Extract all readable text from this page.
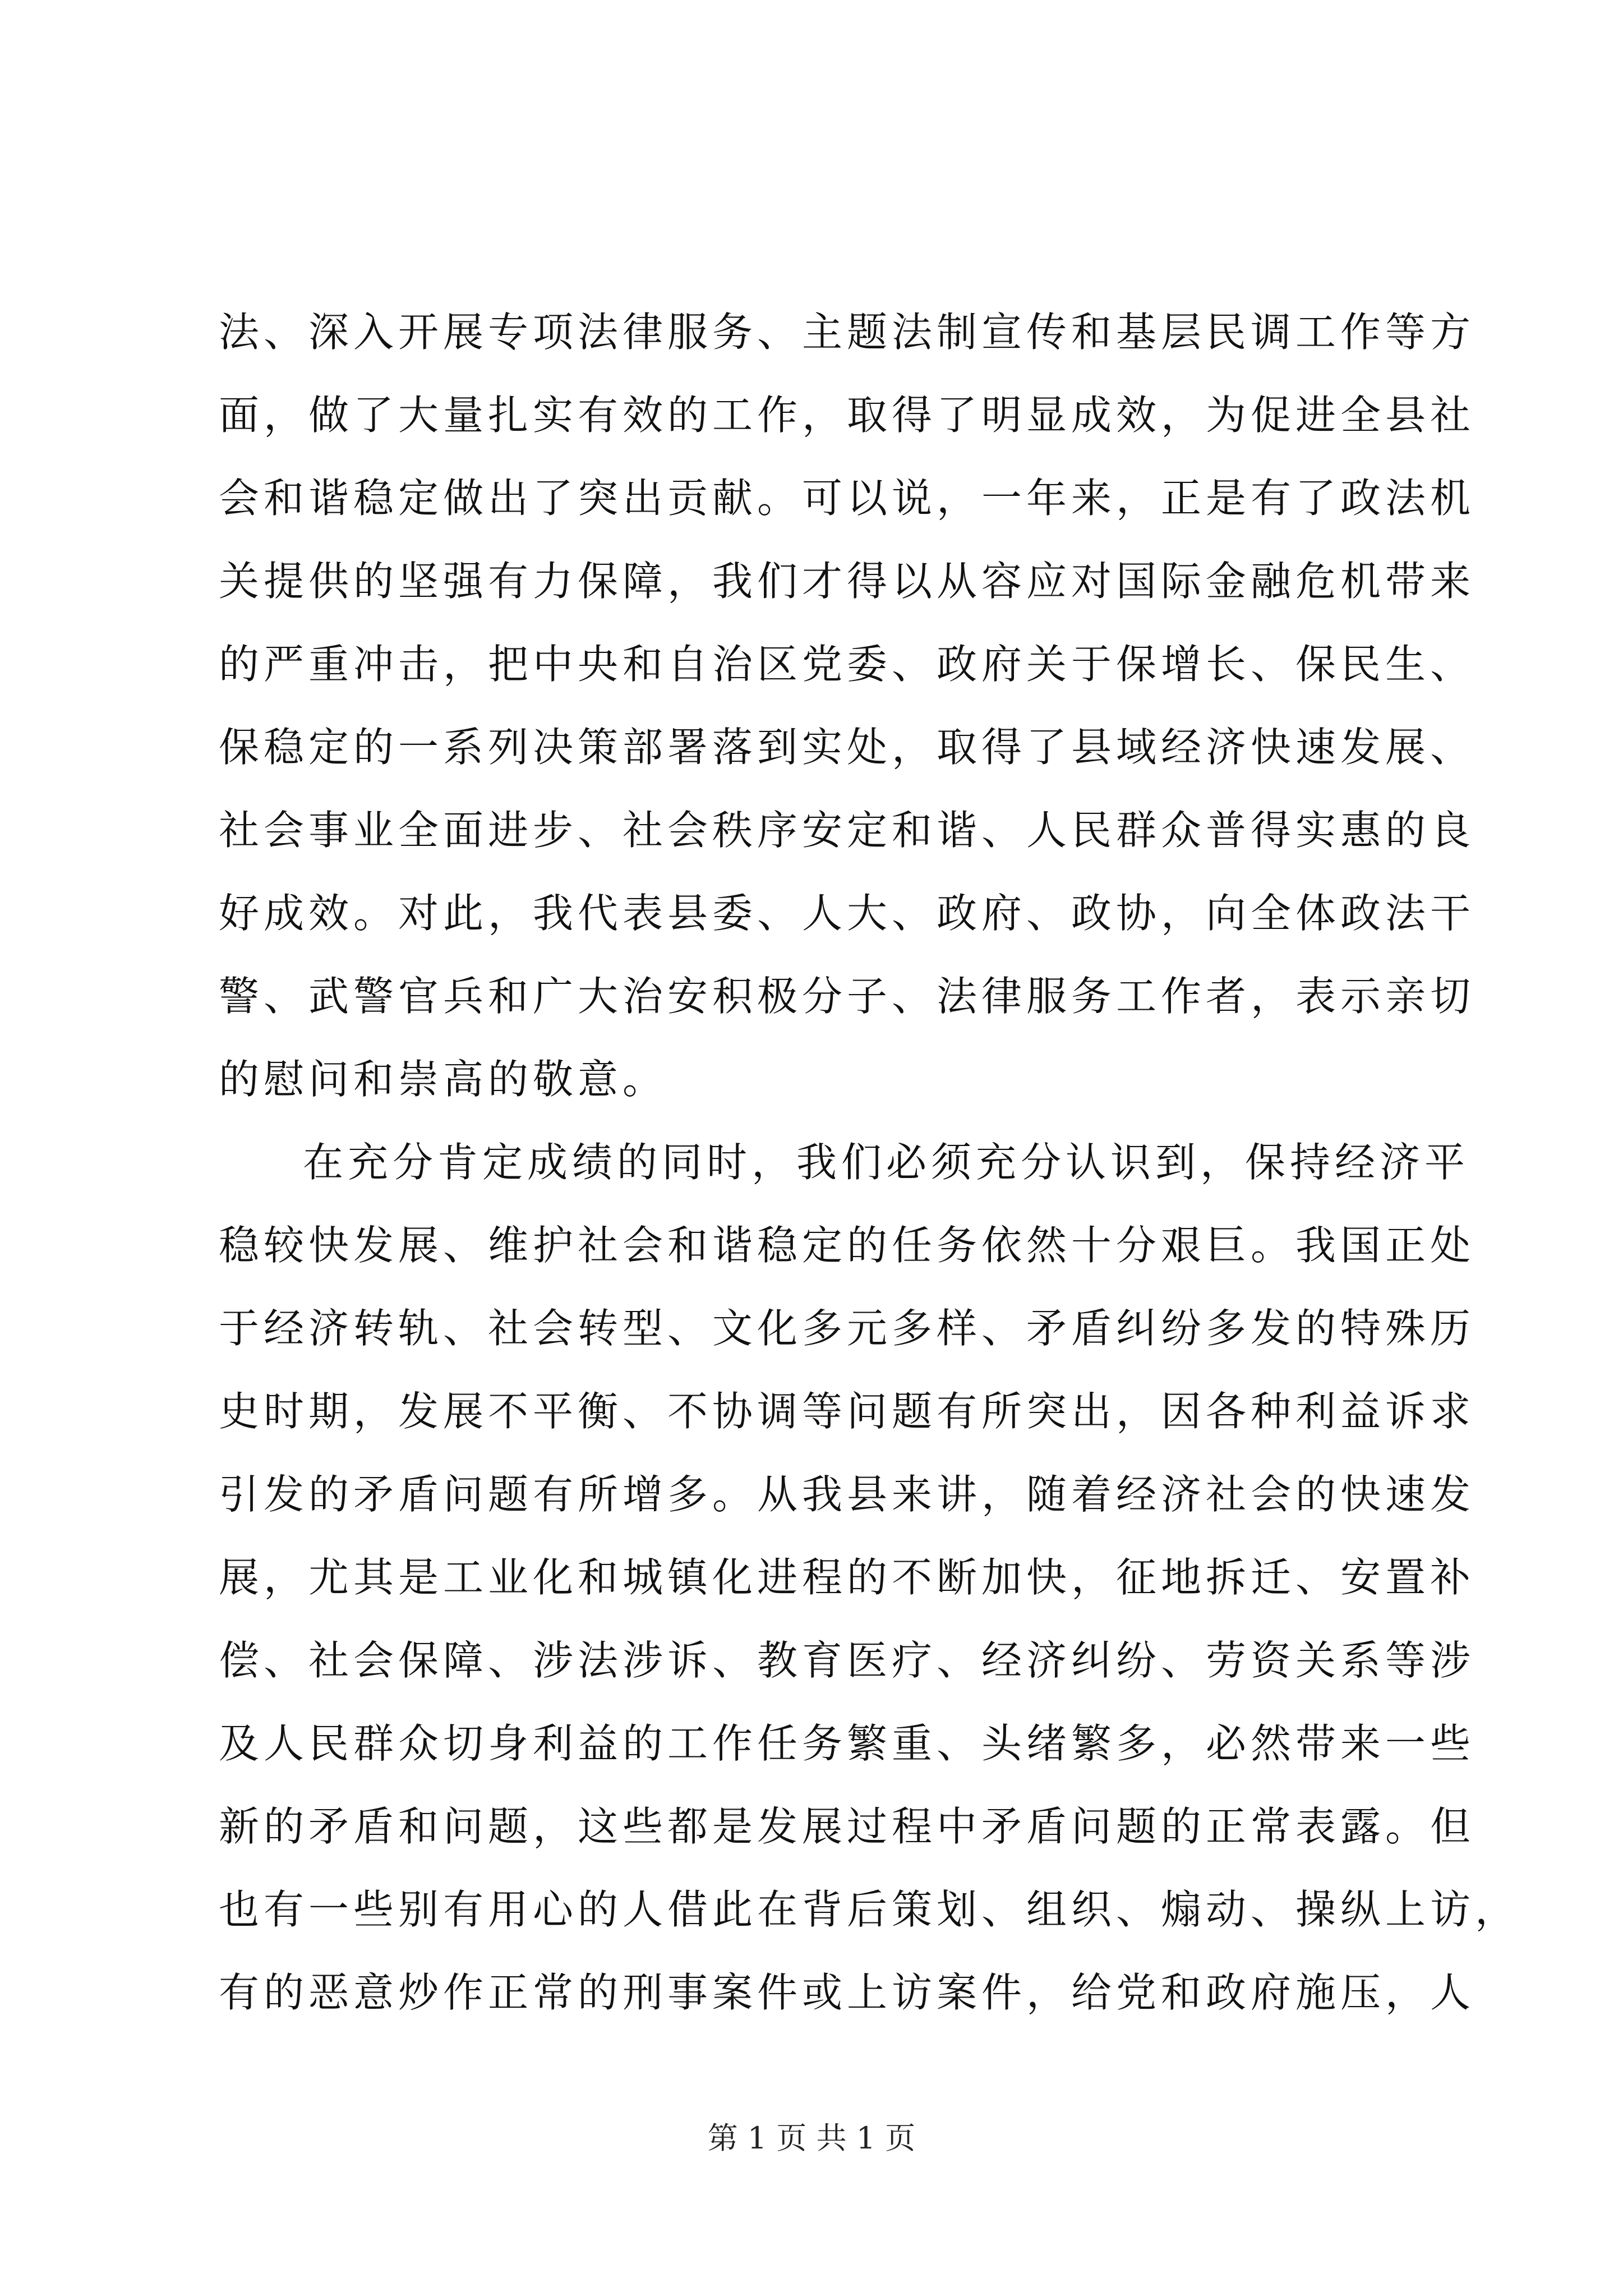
法、深入开展专项法律服务、主题法制宣传和基层民调工作等方
面，做了大量扎实有效的工作，取得了明显成效，为促进全县社
会和谐稳定做出了突出贡献。可以说，一年来，正是有了政法机
关提供的坚强有力保障，我们才得以从容应对国际金融危机带来
的严重冲击，把中央和自治区党委、政府关于保增长、保民生、
保稳定的一系列决策部署落到实处，取得了县域经济快速发展、
社会事业全面进步、社会秩序安定和谐、人民群众普得实惠的良
好成效。对此，我代表县委、人大、政府、政协，向全体政法干
警、武警官兵和广大治安积极分子、法律服务工作者，表示亲切
的慰问和崇高的敬意。
在充分肯定成绩的同时，我们必须充分认识到，保持经济平
稳较快发展、维护社会和谐稳定的任务依然十分艰巨。我国正处
于经济转轨、社会转型、文化多元多样、矛盾纠纷多发的特殊历
史时期，发展不平衡、不协调等问题有所突出，因各种利益诉求
引发的矛盾问题有所增多。从我县来讲，随着经济社会的快速发
展，尤其是工业化和城镇化进程的不断加快，征地拆迁、安置补
偿、社会保障、涉法涉诉、教育医疗、经济纠纷、劳资关系等涉
及人民群众切身利益的工作任务繁重、头绪繁多，必然带来一些
新的矛盾和问题，这些都是发展过程中矛盾问题的正常表露。但
也有一些别有用心的人借此在背后策划、组织、煽动、操纵上访，
有的恶意炒作正常的刑事案件或上访案件，给党和政府施压，人
第 1 页 共 1 页
